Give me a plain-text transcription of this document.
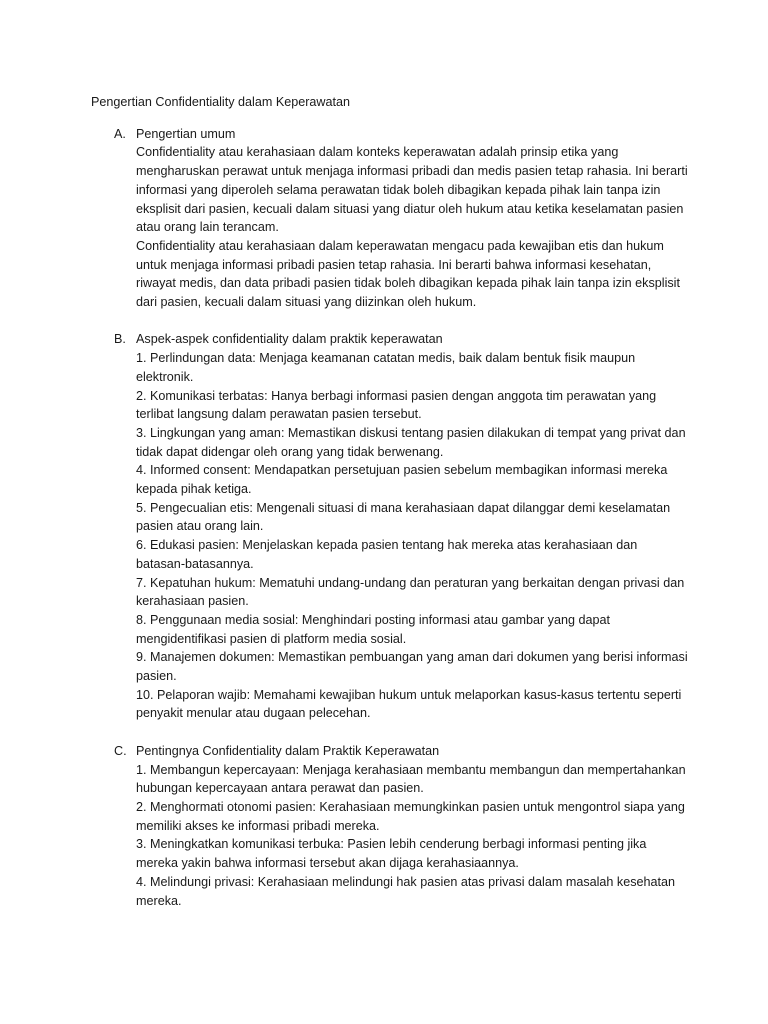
Pengertian Confidentiality dalam Keperawatan
A. Pengertian umum

Confidentiality atau kerahasiaan dalam konteks keperawatan adalah prinsip etika yang mengharuskan perawat untuk menjaga informasi pribadi dan medis pasien tetap rahasia. Ini berarti informasi yang diperoleh selama perawatan tidak boleh dibagikan kepada pihak lain tanpa izin eksplisit dari pasien, kecuali dalam situasi yang diatur oleh hukum atau ketika keselamatan pasien atau orang lain terancam.

Confidentiality atau kerahasiaan dalam keperawatan mengacu pada kewajiban etis dan hukum untuk menjaga informasi pribadi pasien tetap rahasia. Ini berarti bahwa informasi kesehatan, riwayat medis, dan data pribadi pasien tidak boleh dibagikan kepada pihak lain tanpa izin eksplisit dari pasien, kecuali dalam situasi yang diizinkan oleh hukum.

B. Aspek-aspek confidentiality dalam praktik keperawatan

1. Perlindungan data: Menjaga keamanan catatan medis, baik dalam bentuk fisik maupun elektronik.

2. Komunikasi terbatas: Hanya berbagi informasi pasien dengan anggota tim perawatan yang terlibat langsung dalam perawatan pasien tersebut.

3. Lingkungan yang aman: Memastikan diskusi tentang pasien dilakukan di tempat yang privat dan tidak dapat didengar oleh orang yang tidak berwenang.

4. Informed consent: Mendapatkan persetujuan pasien sebelum membagikan informasi mereka kepada pihak ketiga.

5. Pengecualian etis: Mengenali situasi di mana kerahasiaan dapat dilanggar demi keselamatan pasien atau orang lain.

6. Edukasi pasien: Menjelaskan kepada pasien tentang hak mereka atas kerahasiaan dan batasan-batasannya.

7. Kepatuhan hukum: Mematuhi undang-undang dan peraturan yang berkaitan dengan privasi dan kerahasiaan pasien.

8. Penggunaan media sosial: Menghindari posting informasi atau gambar yang dapat mengidentifikasi pasien di platform media sosial.

9. Manajemen dokumen: Memastikan pembuangan yang aman dari dokumen yang berisi informasi pasien.

10. Pelaporan wajib: Memahami kewajiban hukum untuk melaporkan kasus-kasus tertentu seperti penyakit menular atau dugaan pelecehan.

C. Pentingnya Confidentiality dalam Praktik Keperawatan

1. Membangun kepercayaan: Menjaga kerahasiaan membantu membangun dan mempertahankan hubungan kepercayaan antara perawat dan pasien.

2. Menghormati otonomi pasien: Kerahasiaan memungkinkan pasien untuk mengontrol siapa yang memiliki akses ke informasi pribadi mereka.

3. Meningkatkan komunikasi terbuka: Pasien lebih cenderung berbagi informasi penting jika mereka yakin bahwa informasi tersebut akan dijaga kerahasiaannya.

4. Melindungi privasi: Kerahasiaan melindungi hak pasien atas privasi dalam masalah kesehatan mereka.
